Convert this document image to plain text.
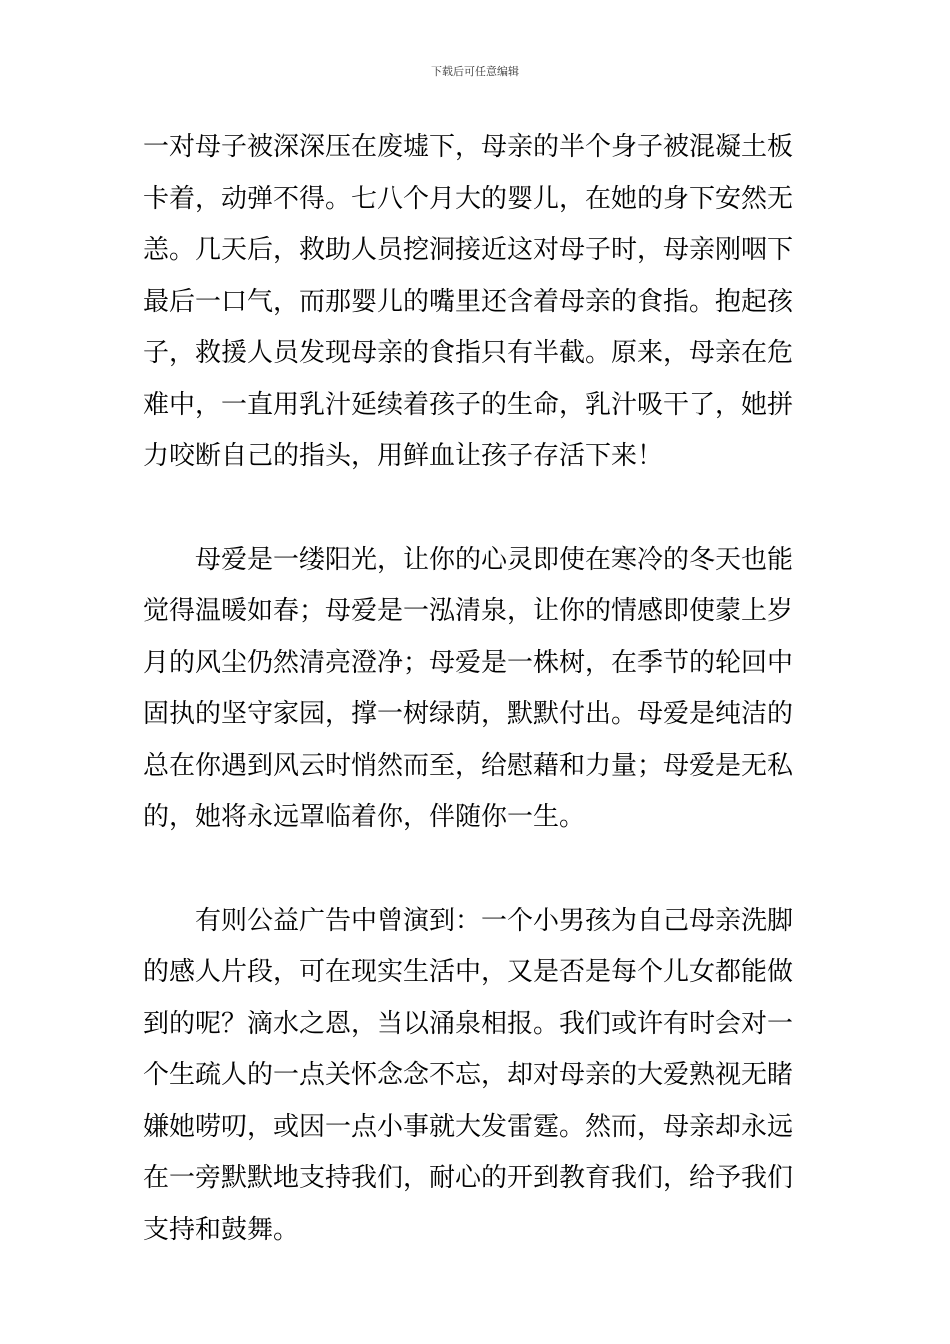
下载后可任意编辑
一对母子被深深压在废墟下，母亲的半个身子被混凝土板
卡着，动弹不得。七八个月大的婴儿，在她的身下安然无
恙。几天后，救助人员挖洞接近这对母子时，母亲刚咽下
最后一口气，而那婴儿的嘴里还含着母亲的食指。抱起孩
子，救援人员发现母亲的食指只有半截。原来，母亲在危
难中，一直用乳汁延续着孩子的生命，乳汁吸干了，她拼
力咬断自己的指头，用鲜血让孩子存活下来！
　　母爱是一缕阳光，让你的心灵即使在寒冷的冬天也能
觉得温暖如春；母爱是一泓清泉，让你的情感即使蒙上岁
月的风尘仍然清亮澄净；母爱是一株树，在季节的轮回中
固执的坚守家园，撑一树绿荫，默默付出。母爱是纯洁的
总在你遇到风云时悄然而至，给慰藉和力量；母爱是无私
的，她将永远罩临着你，伴随你一生。
　　有则公益广告中曾演到：一个小男孩为自己母亲洗脚
的感人片段，可在现实生活中，又是否是每个儿女都能做
到的呢？滴水之恩，当以涌泉相报。我们或许有时会对一
个生疏人的一点关怀念念不忘，却对母亲的大爱熟视无睹
嫌她唠叨，或因一点小事就大发雷霆。然而，母亲却永远
在一旁默默地支持我们，耐心的开到教育我们，给予我们
支持和鼓舞。
